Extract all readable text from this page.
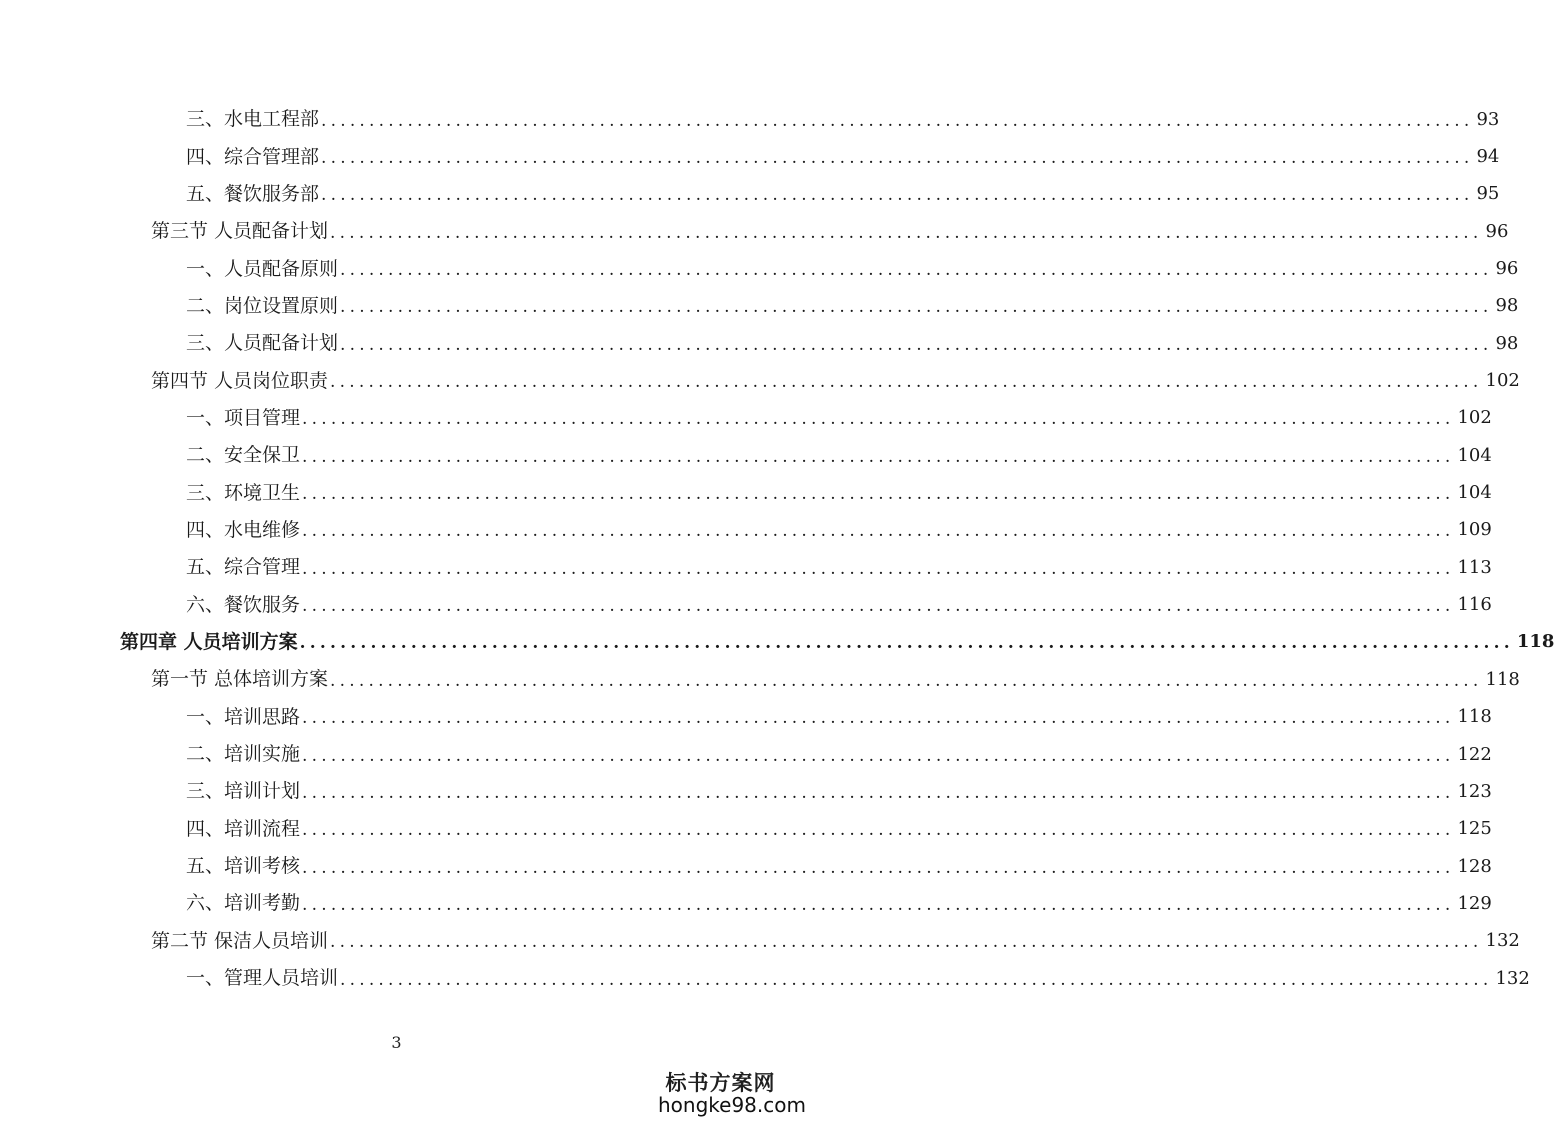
三、水电工程部 ........................................................................................................................ 93
四、综合管理部 ........................................................................................................................ 94
五、餐饮服务部 ........................................................................................................................ 95
第三节 人员配备计划 ........................................................................................................................ 96
一、人员配备原则 ........................................................................................................................ 96
二、岗位设置原则 ........................................................................................................................ 98
三、人员配备计划 ........................................................................................................................ 98
第四节 人员岗位职责 ........................................................................................................................ 102
一、项目管理 ........................................................................................................................ 102
二、安全保卫 ........................................................................................................................ 104
三、环境卫生 ........................................................................................................................ 104
四、水电维修 ........................................................................................................................ 109
五、综合管理 ........................................................................................................................ 113
六、餐饮服务 ........................................................................................................................ 116
第四章 人员培训方案 ........................................................................................................................ 118
第一节 总体培训方案 ........................................................................................................................ 118
一、培训思路 ........................................................................................................................ 118
二、培训实施 ........................................................................................................................ 122
三、培训计划 ........................................................................................................................ 123
四、培训流程 ........................................................................................................................ 125
五、培训考核 ........................................................................................................................ 128
六、培训考勤 ........................................................................................................................ 129
第二节 保洁人员培训 ........................................................................................................................ 132
一、管理人员培训 ........................................................................................................................ 132
3
标书方案网
hongke98.com
